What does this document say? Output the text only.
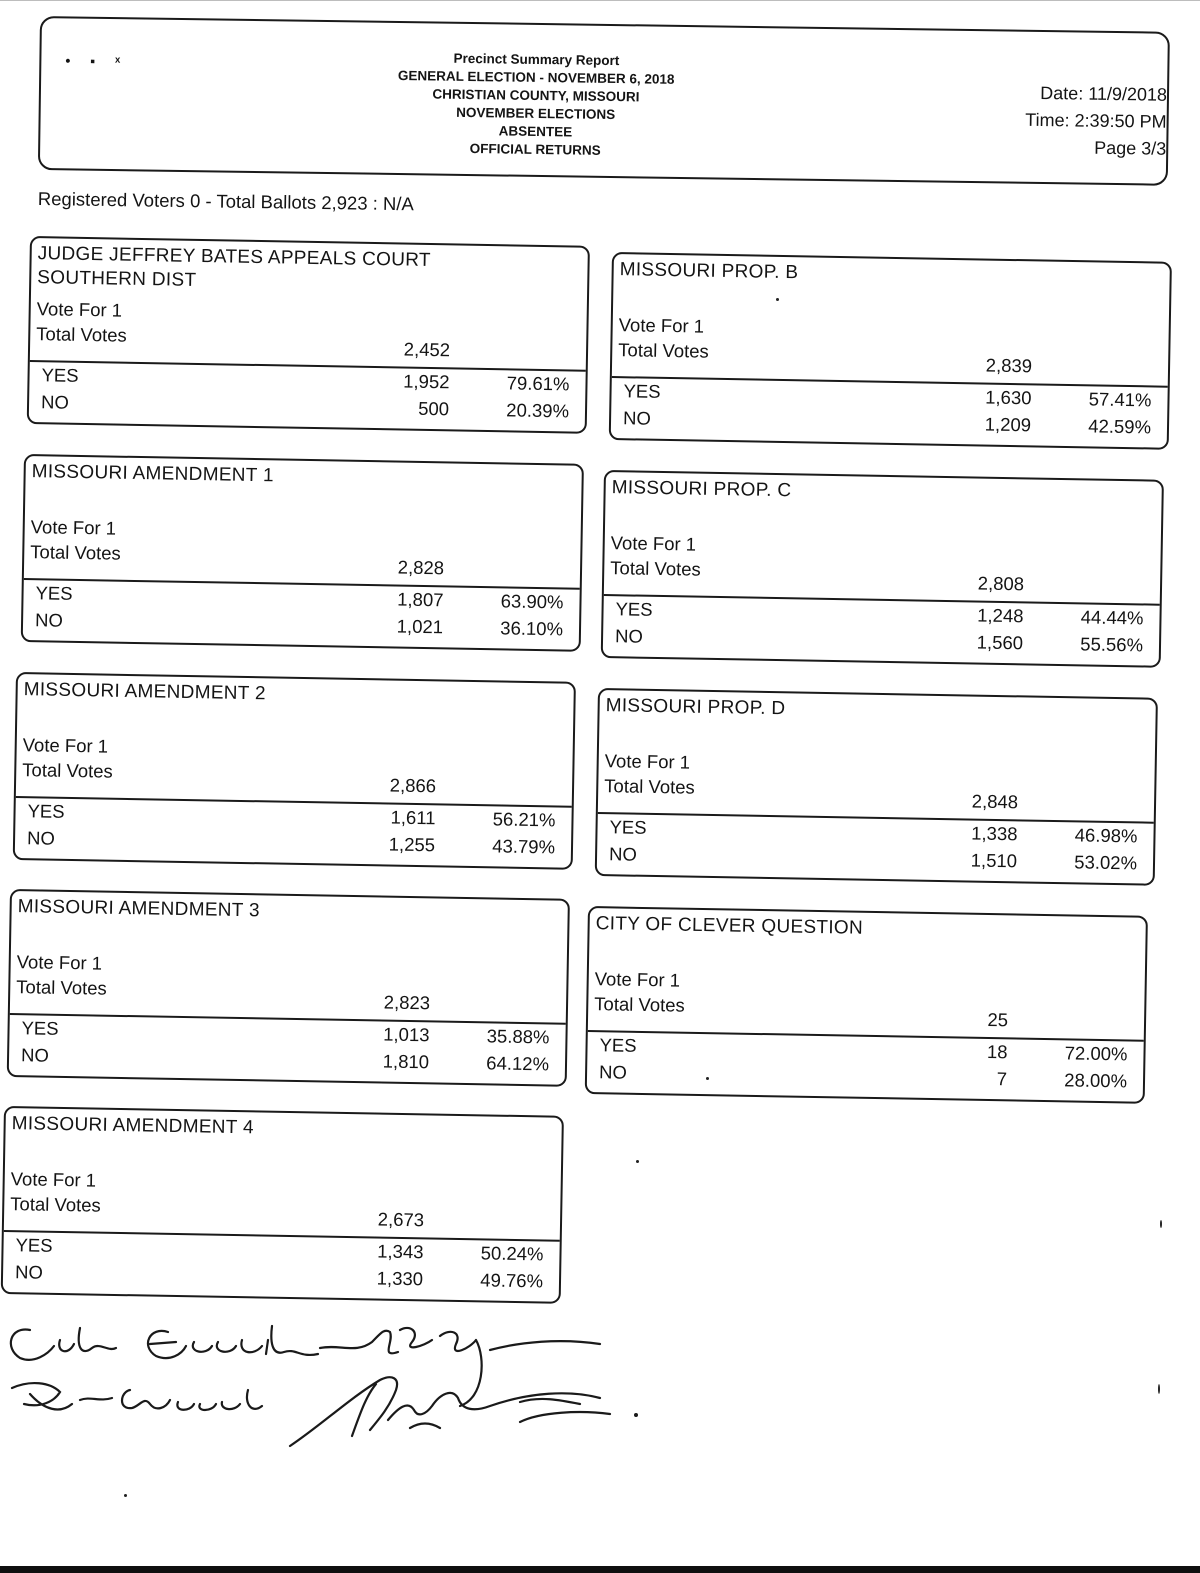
• ▪ ˣ	Precinct Summary Report
GENERAL ELECTION - NOVEMBER 6, 2018
CHRISTIAN COUNTY, MISSOURI
NOVEMBER ELECTIONS
ABSENTEE
OFFICIAL RETURNS
Date: 11/9/2018
Time: 2:39:50 PM
Page 3/3
Registered Voters 0 - Total Ballots 2,923 : N/A
JUDGE JEFFREY BATES APPEALS COURT SOUTHERN DIST
Vote For 1
Total Votes
2,452
YES	1,952	79.61%
NO	500	20.39%
MISSOURI AMENDMENT 1
Vote For 1
Total Votes
2,828
YES	1,807	63.90%
NO	1,021	36.10%
MISSOURI AMENDMENT 2
Vote For 1
Total Votes
2,866
YES	1,611	56.21%
NO	1,255	43.79%
MISSOURI AMENDMENT 3
Vote For 1
Total Votes
2,823
YES	1,013	35.88%
NO	1,810	64.12%
MISSOURI AMENDMENT 4
Vote For 1
Total Votes
2,673
YES	1,343	50.24%
NO	1,330	49.76%
MISSOURI PROP. B
Vote For 1
Total Votes
2,839
YES	1,630	57.41%
NO	1,209	42.59%
MISSOURI PROP. C
Vote For 1
Total Votes
2,808
YES	1,248	44.44%
NO	1,560	55.56%
MISSOURI PROP. D
Vote For 1
Total Votes
2,848
YES	1,338	46.98%
NO	1,510	53.02%
CITY OF CLEVER QUESTION
Vote For 1
Total Votes
25
YES	18	72.00%
NO	7	28.00%
